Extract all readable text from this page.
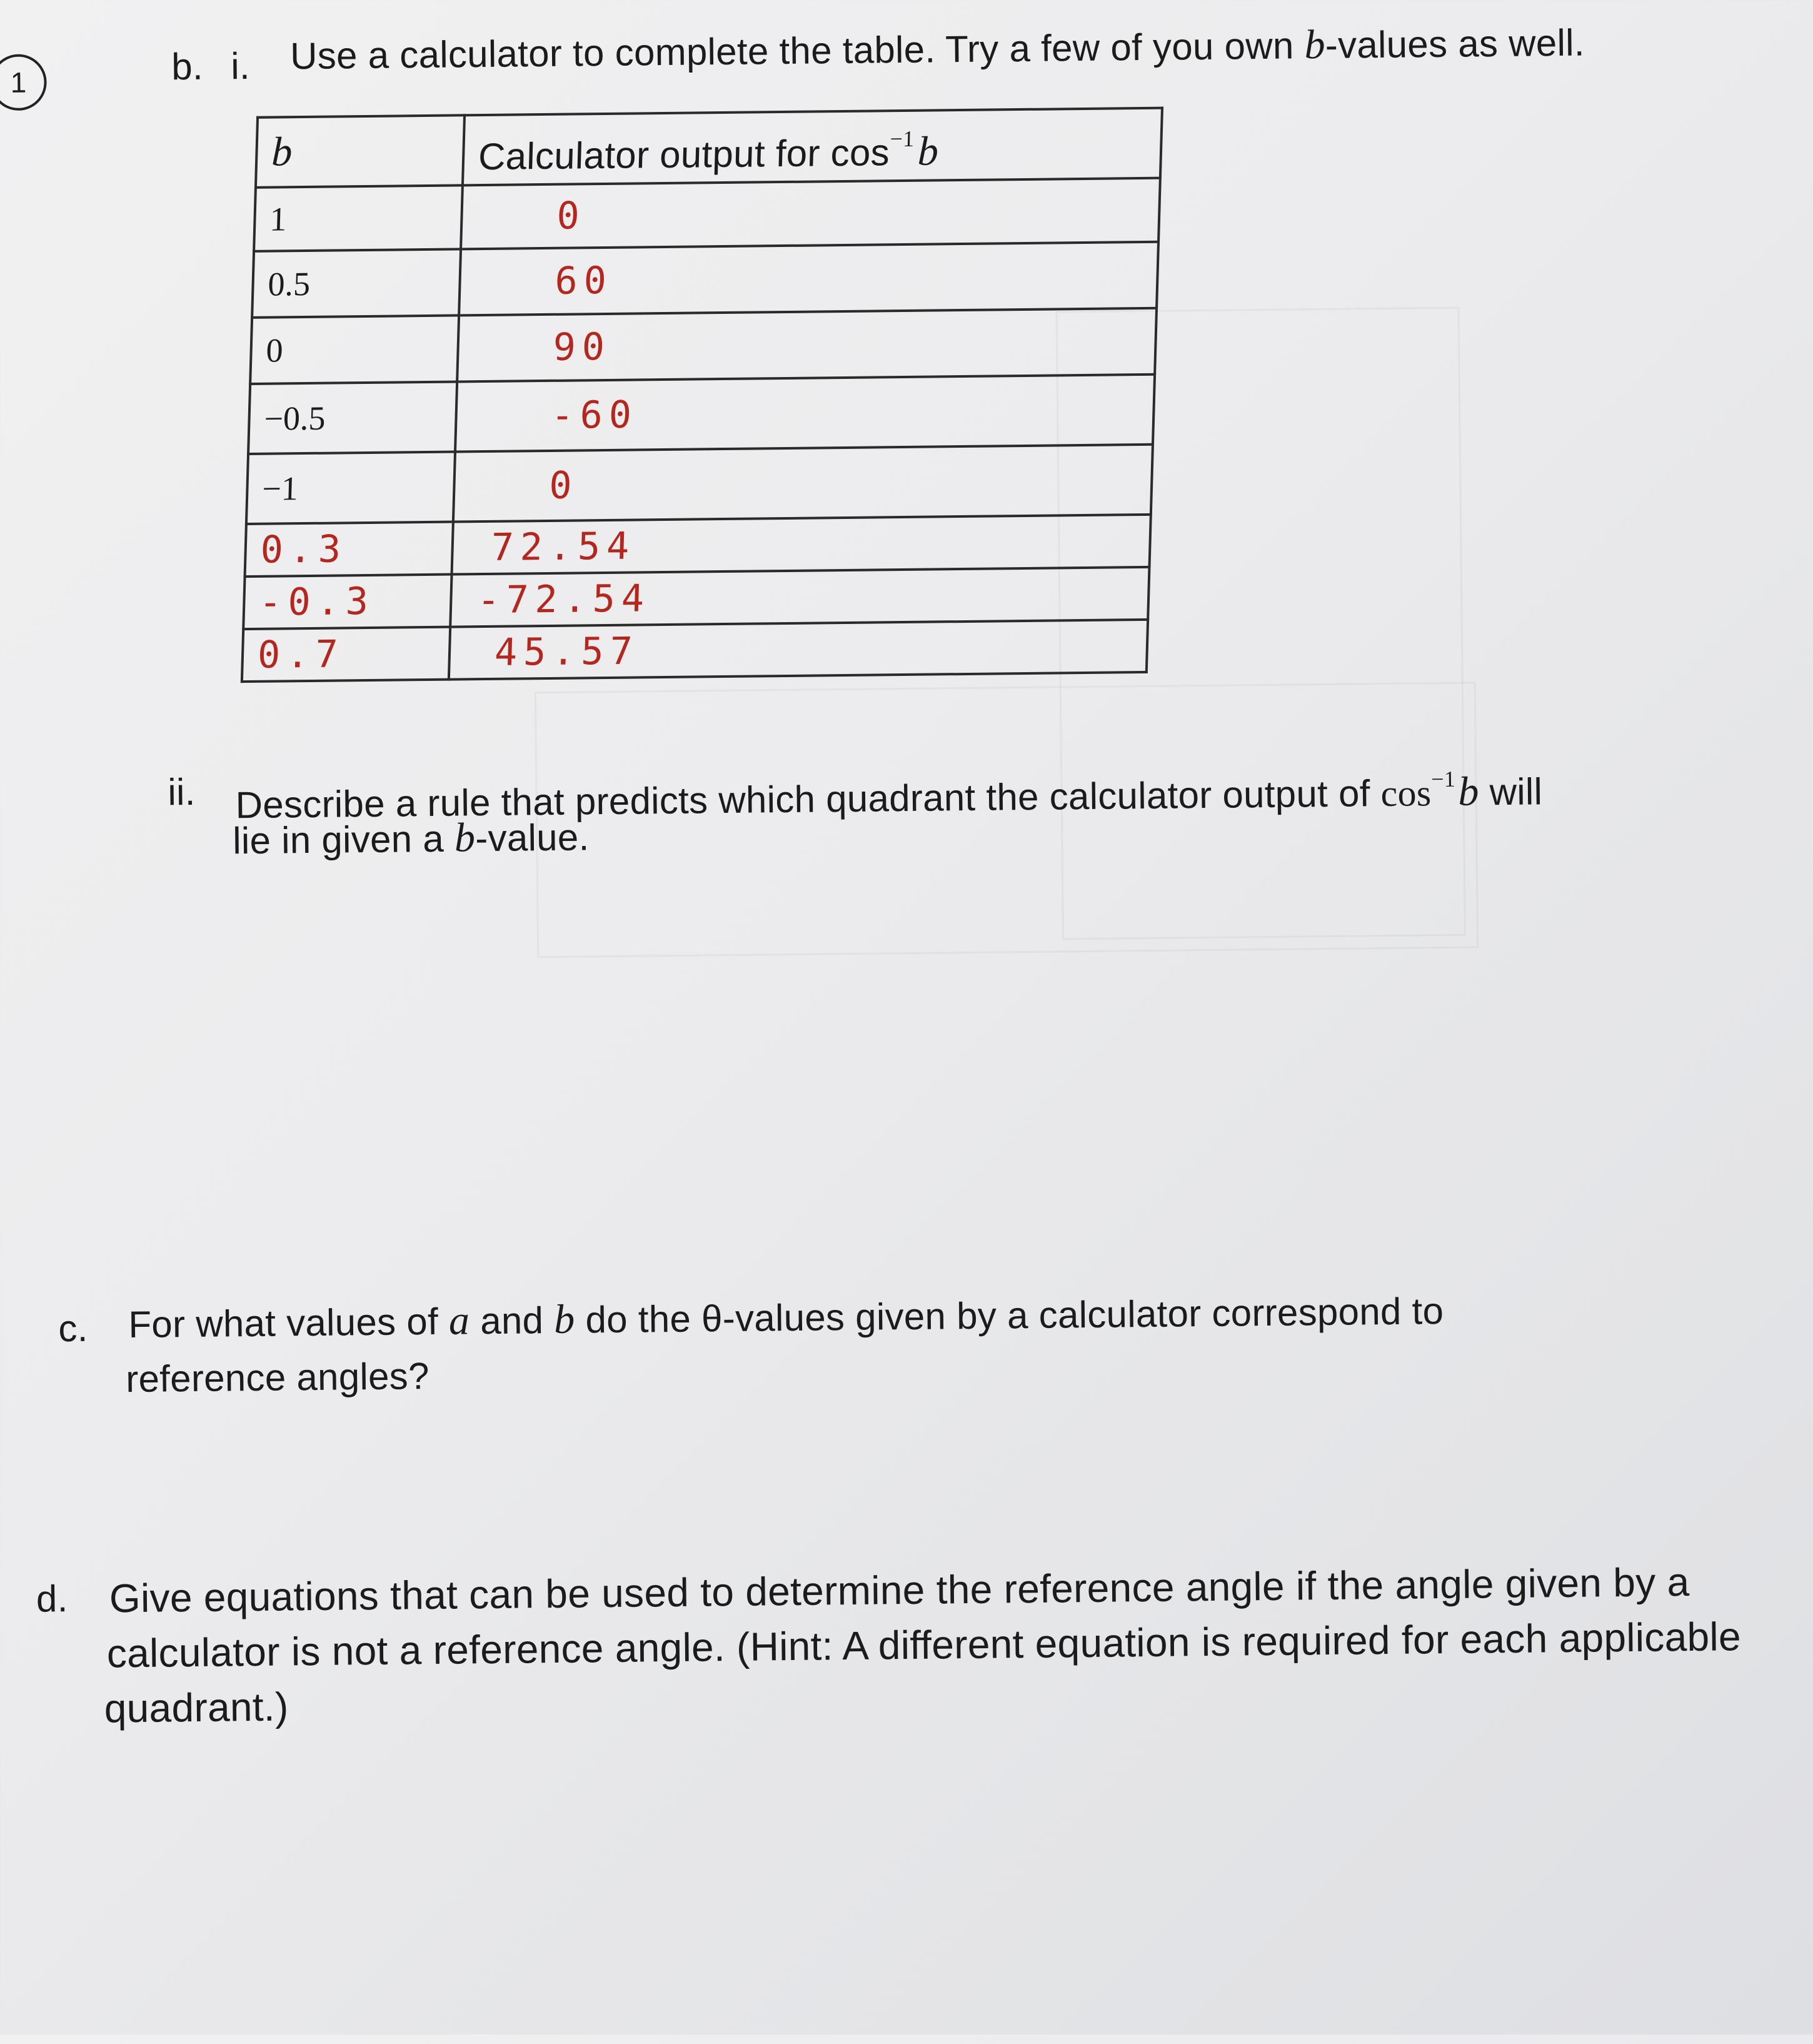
1	b. i. Use a calculator to complete the table. Try a few of you own b-values as well.
b	Calculator output for $\cos^{-1}b$
1	0
0.5	60
0	90
−0.5	-60
−1	0
0.3	72.54
-0.3	-72.54
0.7	45.57
ii. Describe a rule that predicts which quadrant the calculator output of $\cos^{-1}b$ will
lie in given a b-value.
c. For what values of a and b do the θ-values given by a calculator correspond to
reference angles?
d. Give equations that can be used to determine the reference angle if the angle given by a
calculator is not a reference angle. (Hint: A different equation is required for each applicable
quadrant.)
